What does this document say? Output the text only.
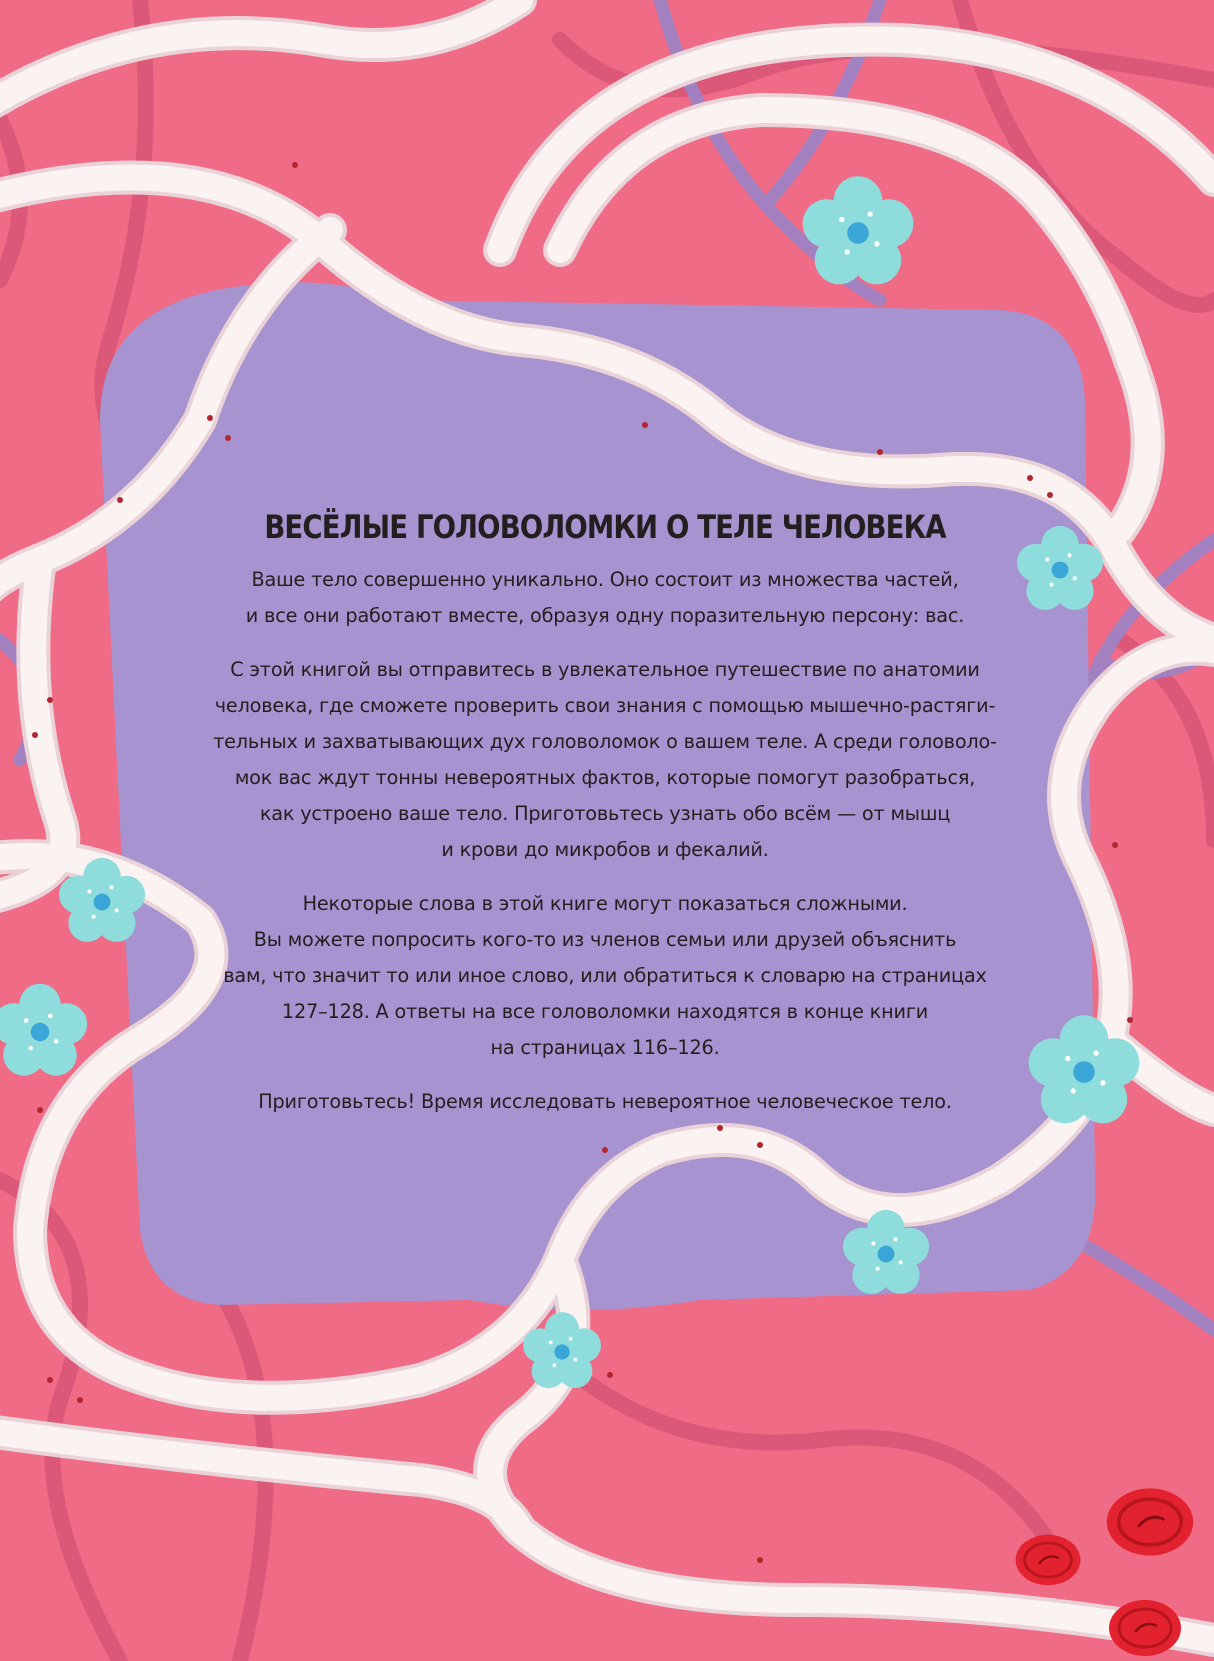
ВЕСЁЛЫЕ ГОЛОВОЛОМКИ О ТЕЛЕ ЧЕЛОВЕКА

Ваше тело совершенно уникально. Оно состоит из множества частей,
и все они работают вместе, образуя одну поразительную персону: вас.

С этой книгой вы отправитесь в увлекательное путешествие по анатомии
человека, где сможете проверить свои знания с помощью мышечно-растяги-
тельных и захватывающих дух головоломок о вашем теле. А среди головоло-
мок вас ждут тонны невероятных фактов, которые помогут разобраться,
как устроено ваше тело. Приготовьтесь узнать обо всём — от мышц
и крови до микробов и фекалий.

Некоторые слова в этой книге могут показаться сложными.
Вы можете попросить кого-то из членов семьи или друзей объяснить
вам, что значит то или иное слово, или обратиться к словарю на страницах
127–128. А ответы на все головоломки находятся в конце книги
на страницах 116–126.

Приготовьтесь! Время исследовать невероятное человеческое тело.
